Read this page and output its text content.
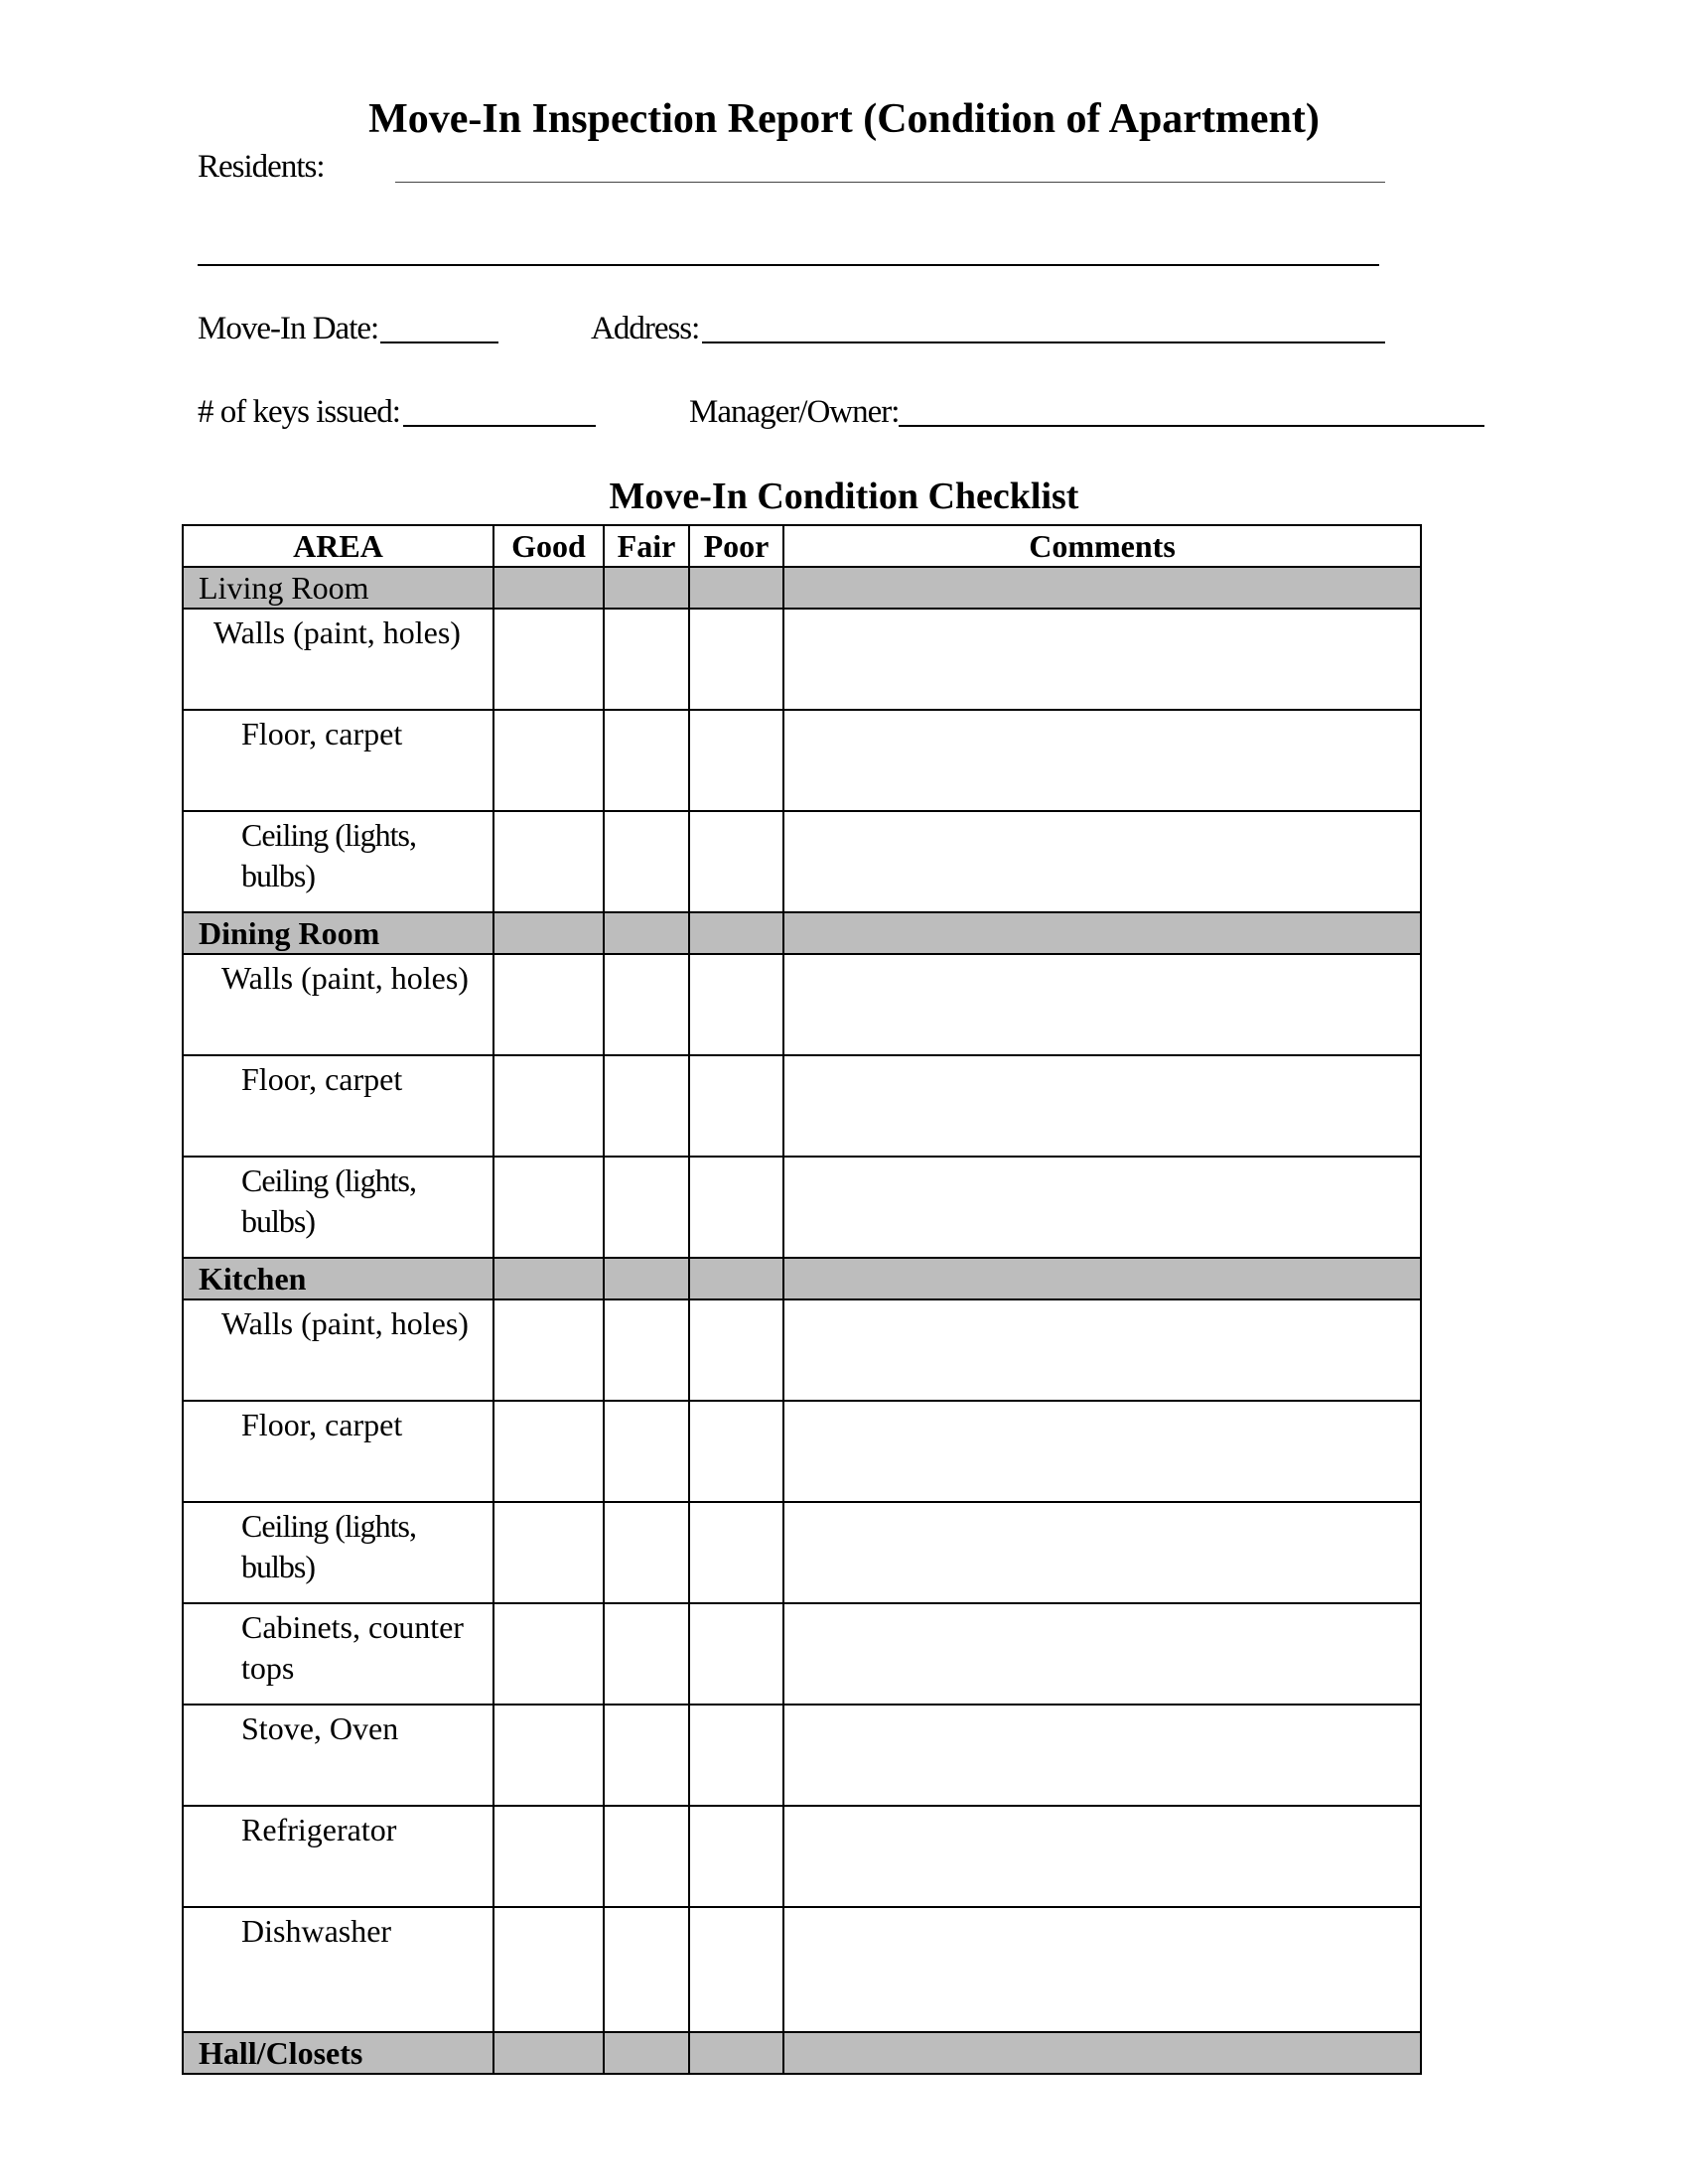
Move-In Inspection Report (Condition of Apartment)
Residents:
Move-In Date:	Address:
# of keys issued:	Manager/Owner:
Move-In Condition Checklist
AREA	Good	Fair	Poor	Comments
Living Room				
Walls (paint, holes)				
Floor, carpet				
Ceiling (lights, bulbs)				
Dining Room				
Walls (paint, holes)				
Floor, carpet				
Ceiling (lights, bulbs)				
Kitchen				
Walls (paint, holes)				
Floor, carpet				
Ceiling (lights, bulbs)				
Cabinets, counter tops				
Stove, Oven				
Refrigerator				
Dishwasher				
Hall/Closets				
